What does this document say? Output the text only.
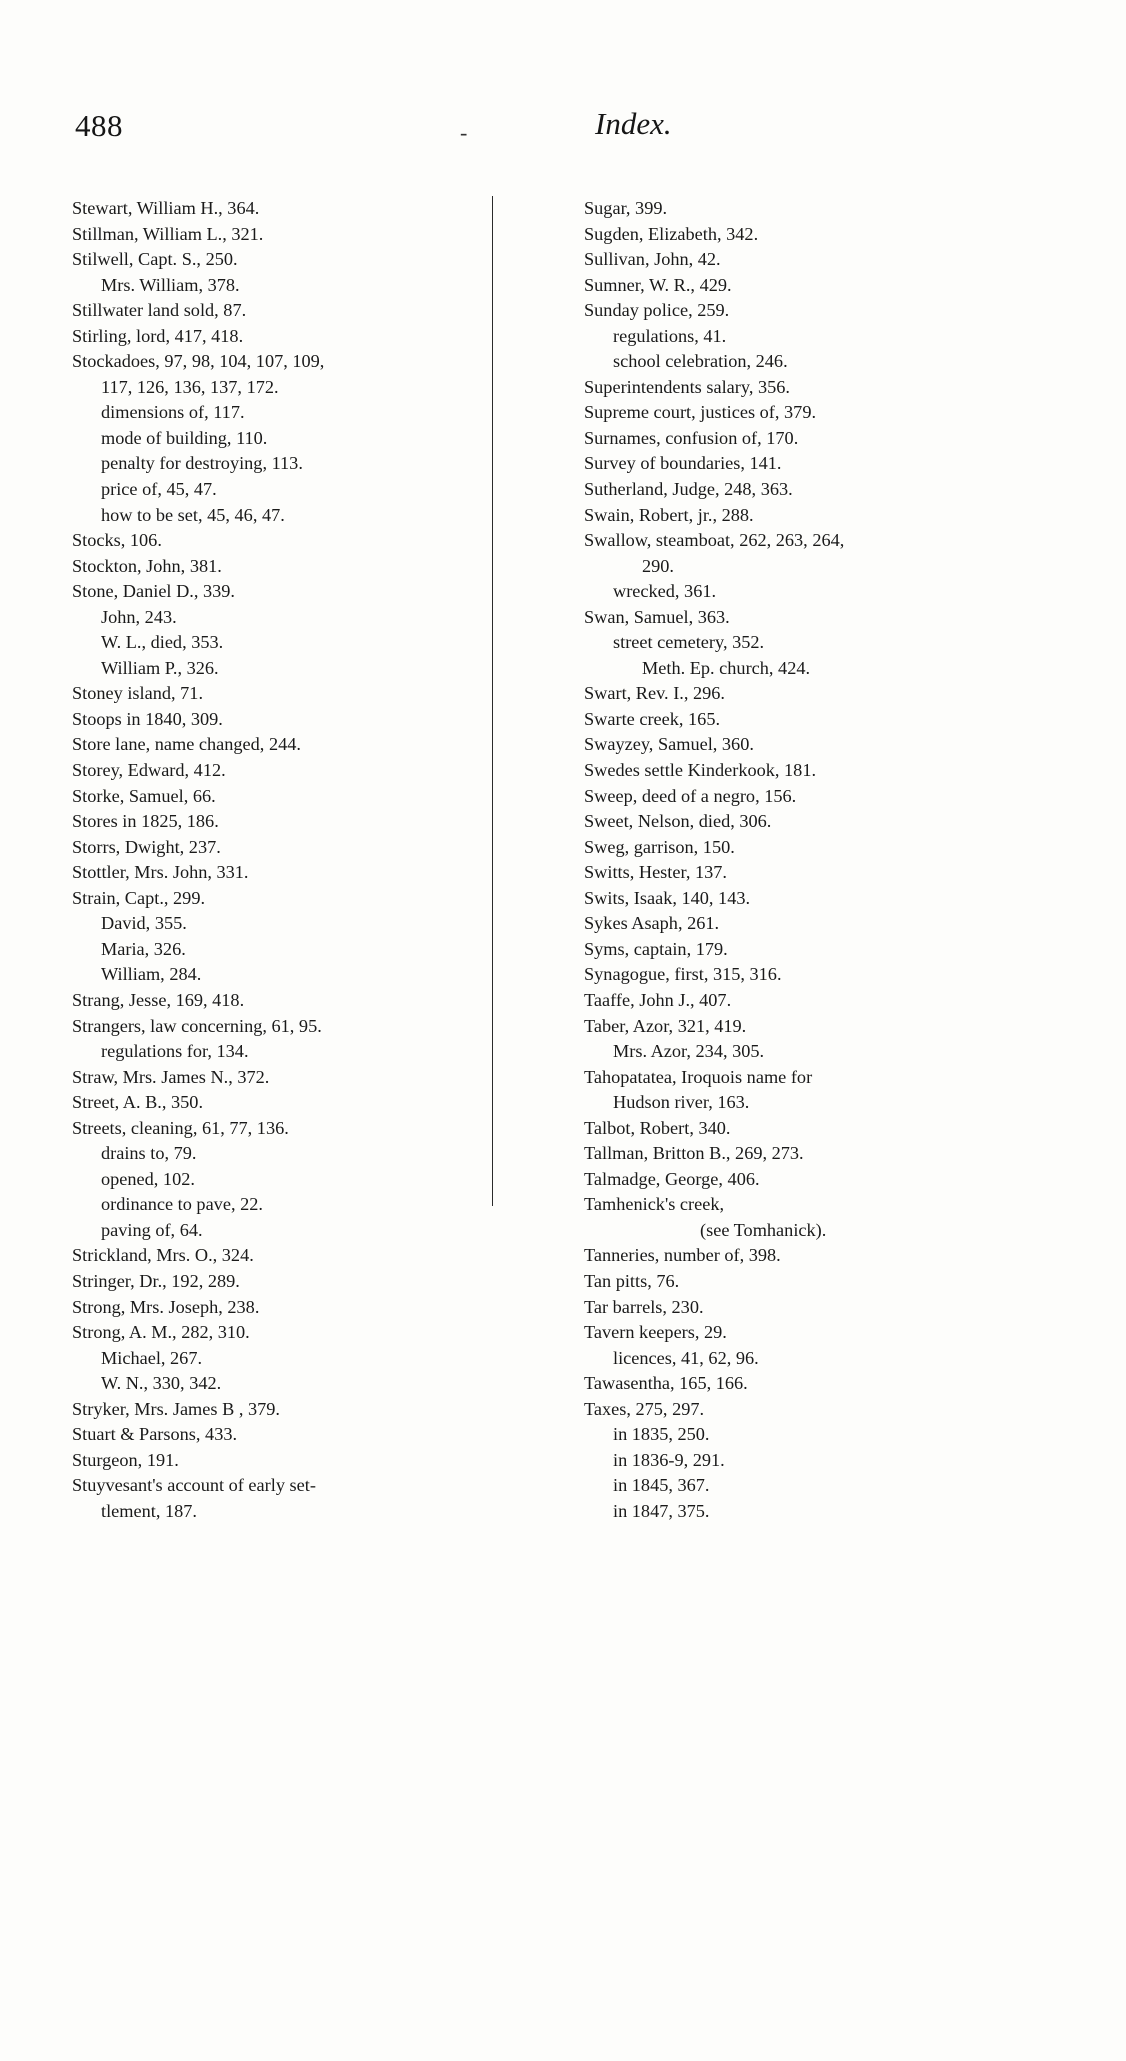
488	-	Index.
Stewart, William H., 364.
Stillman, William L., 321.
Stilwell, Capt. S., 250.
Mrs. William, 378.
Stillwater land sold, 87.
Stirling, lord, 417, 418.
Stockadoes, 97, 98, 104, 107, 109,
117, 126, 136, 137, 172.
dimensions of, 117.
mode of building, 110.
penalty for destroying, 113.
price of, 45, 47.
how to be set, 45, 46, 47.
Stocks, 106.
Stockton, John, 381.
Stone, Daniel D., 339.
John, 243.
W. L., died, 353.
William P., 326.
Stoney island, 71.
Stoops in 1840, 309.
Store lane, name changed, 244.
Storey, Edward, 412.
Storke, Samuel, 66.
Stores in 1825, 186.
Storrs, Dwight, 237.
Stottler, Mrs. John, 331.
Strain, Capt., 299.
David, 355.
Maria, 326.
William, 284.
Strang, Jesse, 169, 418.
Strangers, law concerning, 61, 95.
regulations for, 134.
Straw, Mrs. James N., 372.
Street, A. B., 350.
Streets, cleaning, 61, 77, 136.
drains to, 79.
opened, 102.
ordinance to pave, 22.
paving of, 64.
Strickland, Mrs. O., 324.
Stringer, Dr., 192, 289.
Strong, Mrs. Joseph, 238.
Strong, A. M., 282, 310.
Michael, 267.
W. N., 330, 342.
Stryker, Mrs. James B , 379.
Stuart & Parsons, 433.
Sturgeon, 191.
Stuyvesant's account of early set-
tlement, 187.
Sugar, 399.
Sugden, Elizabeth, 342.
Sullivan, John, 42.
Sumner, W. R., 429.
Sunday police, 259.
regulations, 41.
school celebration, 246.
Superintendents salary, 356.
Supreme court, justices of, 379.
Surnames, confusion of, 170.
Survey of boundaries, 141.
Sutherland, Judge, 248, 363.
Swain, Robert, jr., 288.
Swallow, steamboat, 262, 263, 264,
290.
wrecked, 361.
Swan, Samuel, 363.
street cemetery, 352.
Meth. Ep. church, 424.
Swart, Rev. I., 296.
Swarte creek, 165.
Swayzey, Samuel, 360.
Swedes settle Kinderkook, 181.
Sweep, deed of a negro, 156.
Sweet, Nelson, died, 306.
Sweg, garrison, 150.
Switts, Hester, 137.
Swits, Isaak, 140, 143.
Sykes Asaph, 261.
Syms, captain, 179.
Synagogue, first, 315, 316.
Taaffe, John J., 407.
Taber, Azor, 321, 419.
Mrs. Azor, 234, 305.
Tahopatatea, Iroquois name for
Hudson river, 163.
Talbot, Robert, 340.
Tallman, Britton B., 269, 273.
Talmadge, George, 406.
Tamhenick's creek,
(see Tomhanick).
Tanneries, number of, 398.
Tan pitts, 76.
Tar barrels, 230.
Tavern keepers, 29.
licences, 41, 62, 96.
Tawasentha, 165, 166.
Taxes, 275, 297.
in 1835, 250.
in 1836-9, 291.
in 1845, 367.
in 1847, 375.
